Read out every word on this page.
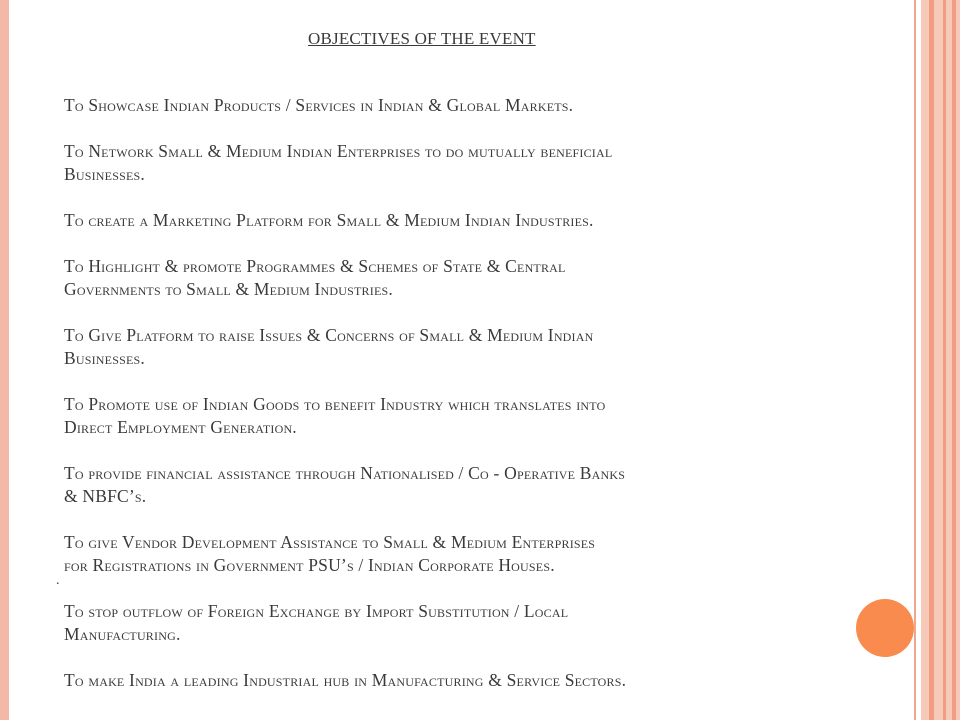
OBJECTIVES OF THE EVENT
To Showcase Indian Products / Services in Indian & Global Markets.
To Network Small & Medium Indian Enterprises to do mutually beneficial
Businesses.
To create a Marketing Platform for Small & Medium Indian Industries.
To Highlight & promote Programmes & Schemes of State & Central
Governments to Small & Medium Industries.
To Give Platform to raise Issues & Concerns of Small & Medium Indian
Businesses.
To Promote use of Indian Goods to benefit Industry which translates into
Direct Employment Generation.
To provide financial assistance through Nationalised / Co - Operative Banks
& NBFC’s.
To give Vendor Development Assistance to Small & Medium Enterprises
for Registrations in Government PSU’s / Indian Corporate Houses.
To stop outflow of Foreign Exchange by Import Substitution / Local
Manufacturing.
To make India a leading Industrial hub in Manufacturing & Service Sectors.
.
